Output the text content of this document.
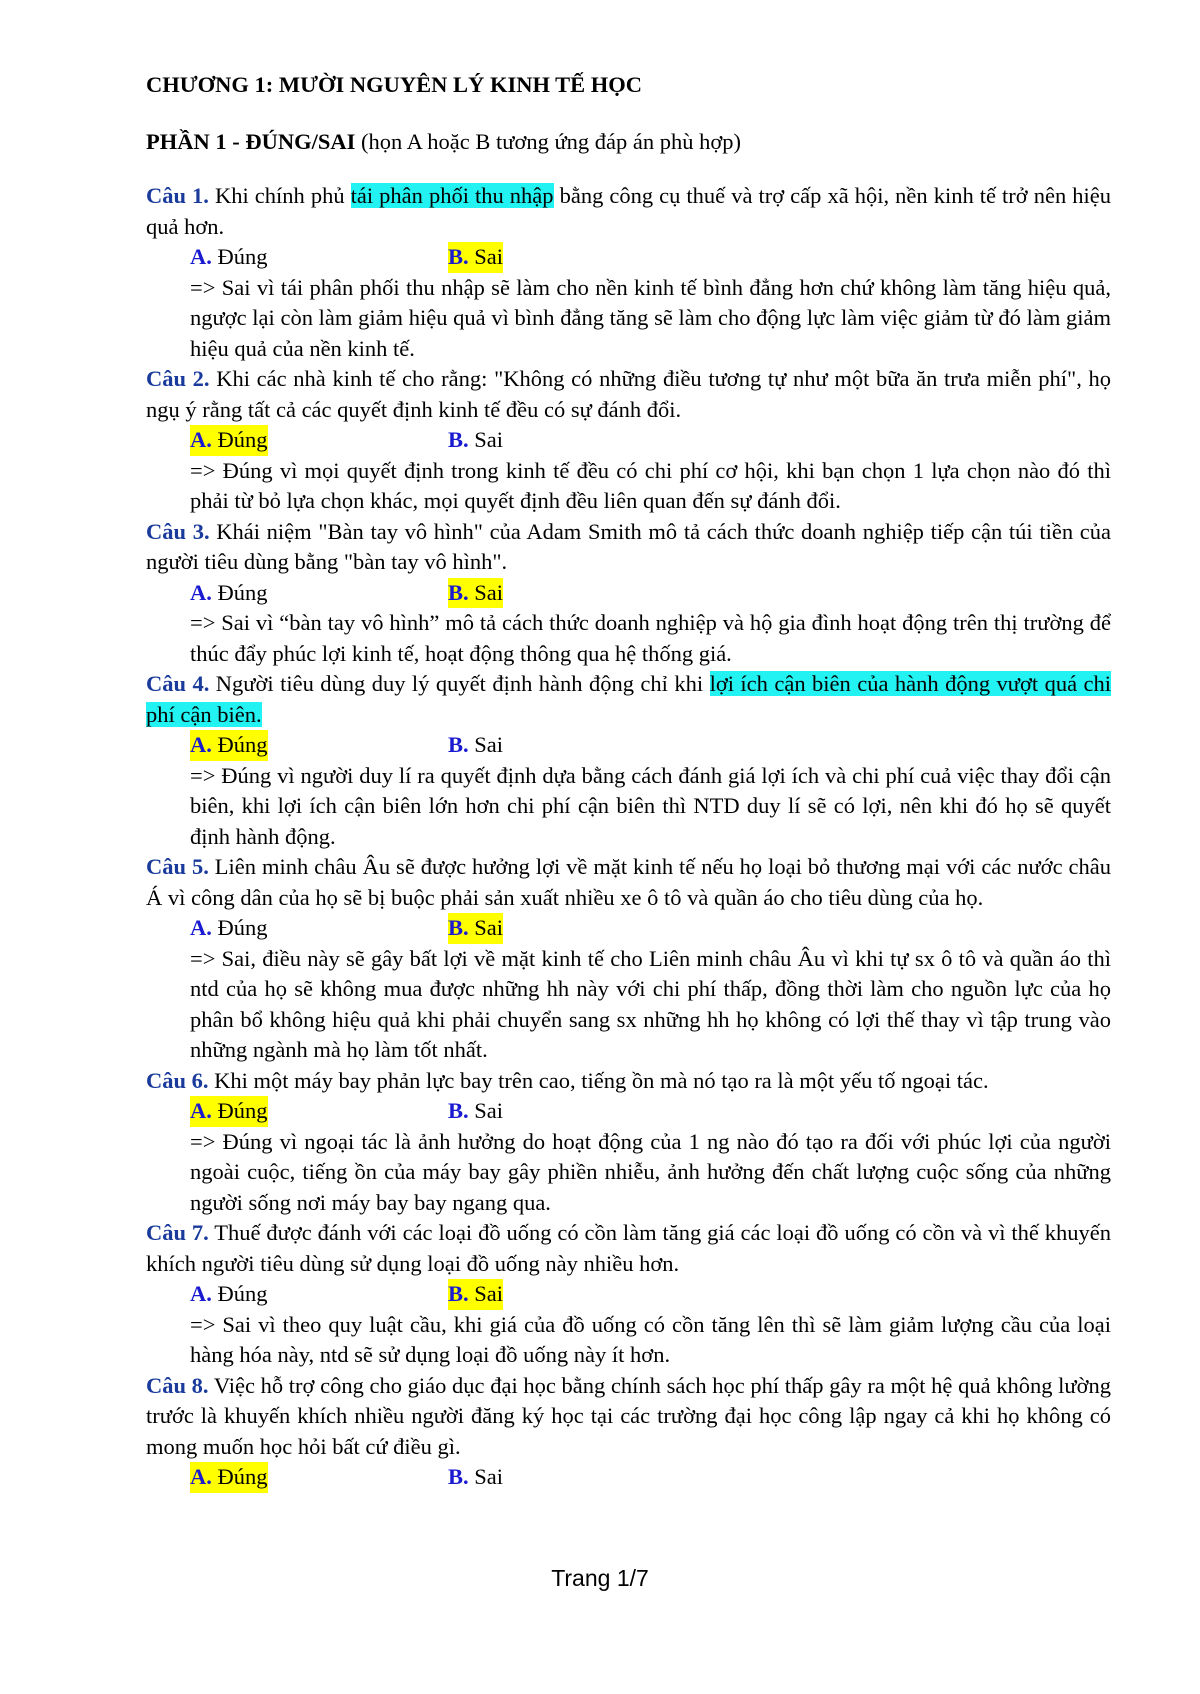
CHƯƠNG 1: MƯỜI NGUYÊN LÝ KINH TẾ HỌC
PHẦN 1 - ĐÚNG/SAI (họn A hoặc B tương ứng đáp án phù hợp)
Câu 1. Khi chính phủ tái phân phối thu nhập bằng công cụ thuế và trợ cấp xã hội, nền kinh tế trở nên hiệu quả hơn.
A. Đúng	B. Sai
=> Sai vì tái phân phối thu nhập sẽ làm cho nền kinh tế bình đẳng hơn chứ không làm tăng hiệu quả, ngược lại còn làm giảm hiệu quả vì bình đẳng tăng sẽ làm cho động lực làm việc giảm từ đó làm giảm hiệu quả của nền kinh tế.
Câu 2. Khi các nhà kinh tế cho rằng: "Không có những điều tương tự như một bữa ăn trưa miễn phí", họ ngụ ý rằng tất cả các quyết định kinh tế đều có sự đánh đổi.
A. Đúng	B. Sai
=> Đúng vì mọi quyết định trong kinh tế đều có chi phí cơ hội, khi bạn chọn 1 lựa chọn nào đó thì phải từ bỏ lựa chọn khác, mọi quyết định đều liên quan đến sự đánh đổi.
Câu 3. Khái niệm "Bàn tay vô hình" của Adam Smith mô tả cách thức doanh nghiệp tiếp cận túi tiền của người tiêu dùng bằng "bàn tay vô hình".
A. Đúng	B. Sai
=> Sai vì “bàn tay vô hình” mô tả cách thức doanh nghiệp và hộ gia đình hoạt động trên thị trường để thúc đẩy phúc lợi kinh tế, hoạt động thông qua hệ thống giá.
Câu 4. Người tiêu dùng duy lý quyết định hành động chỉ khi lợi ích cận biên của hành động vượt quá chi phí cận biên.
A. Đúng	B. Sai
=> Đúng vì người duy lí ra quyết định dựa bằng cách đánh giá lợi ích và chi phí cuả việc thay đổi cận biên, khi lợi ích cận biên lớn hơn chi phí cận biên thì NTD duy lí sẽ có lợi, nên khi đó họ sẽ quyết định hành động.
Câu 5. Liên minh châu Âu sẽ được hưởng lợi về mặt kinh tế nếu họ loại bỏ thương mại với các nước châu Á vì công dân của họ sẽ bị buộc phải sản xuất nhiều xe ô tô và quần áo cho tiêu dùng của họ.
A. Đúng	B. Sai
=> Sai, điều này sẽ gây bất lợi về mặt kinh tế cho Liên minh châu Âu vì khi tự sx ô tô và quần áo thì ntd của họ sẽ không mua được những hh này với chi phí thấp, đồng thời làm cho nguồn lực của họ phân bổ không hiệu quả khi phải chuyển sang sx những hh họ không có lợi thế thay vì tập trung vào những ngành mà họ làm tốt nhất.
Câu 6. Khi một máy bay phản lực bay trên cao, tiếng ồn mà nó tạo ra là một yếu tố ngoại tác.
A. Đúng	B. Sai
=> Đúng vì ngoại tác là ảnh hưởng do hoạt động của 1 ng nào đó tạo ra đối với phúc lợi của người ngoài cuộc, tiếng ồn của máy bay gây phiền nhiễu, ảnh hưởng đến chất lượng cuộc sống của những người sống nơi máy bay bay ngang qua.
Câu 7. Thuế được đánh với các loại đồ uống có cồn làm tăng giá các loại đồ uống có cồn và vì thế khuyến khích người tiêu dùng sử dụng loại đồ uống này nhiều hơn.
A. Đúng	B. Sai
=> Sai vì theo quy luật cầu, khi giá của đồ uống có cồn tăng lên thì sẽ làm giảm lượng cầu của loại hàng hóa này, ntd sẽ sử dụng loại đồ uống này ít hơn.
Câu 8. Việc hỗ trợ công cho giáo dục đại học bằng chính sách học phí thấp gây ra một hệ quả không lường trước là khuyến khích nhiều người đăng ký học tại các trường đại học công lập ngay cả khi họ không có mong muốn học hỏi bất cứ điều gì.
A. Đúng	B. Sai
Trang 1/7
